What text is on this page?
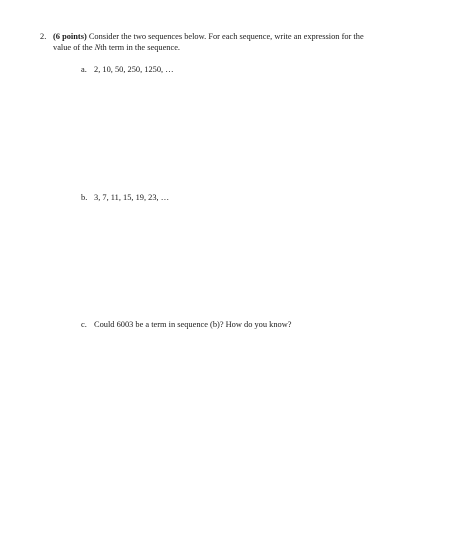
2. (6 points) Consider the two sequences below. For each sequence, write an expression for the
value of the Nth term in the sequence.
a. 2, 10, 50, 250, 1250, …
b. 3, 7, 11, 15, 19, 23, …
c. Could 6003 be a term in sequence (b)? How do you know?
